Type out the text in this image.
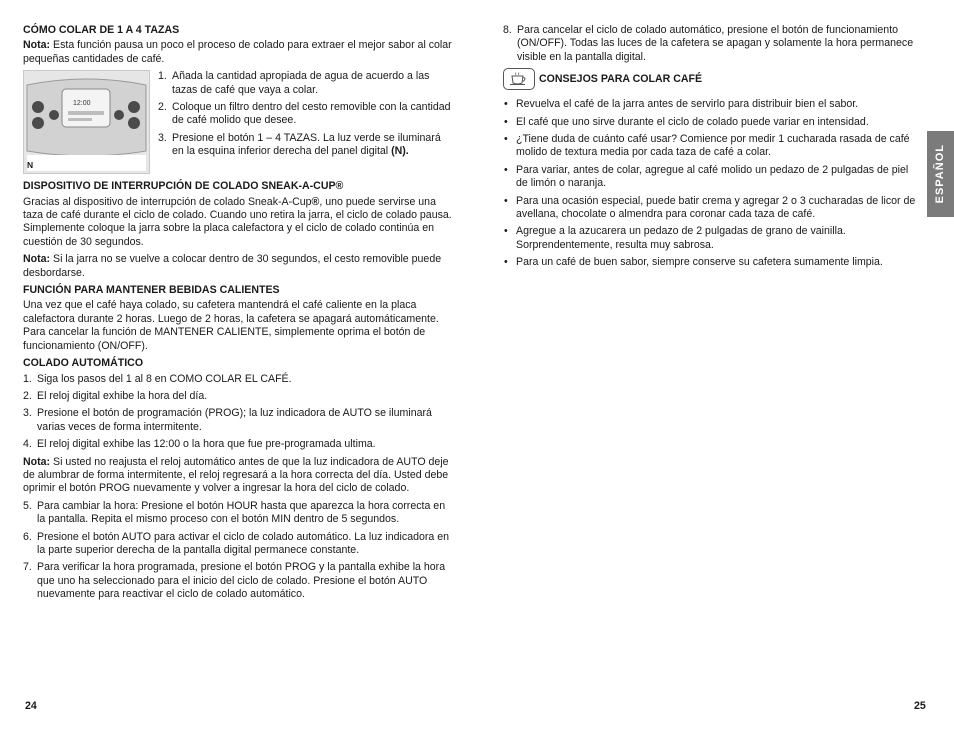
CÓMO COLAR DE 1 A 4 TAZAS

Nota: Esta función pausa un poco el proceso de colado para extraer el mejor sabor al colar pequeñas cantidades de café.

12:00
N
1. Añada la cantidad apropiada de agua de acuerdo a las tazas de café que vaya a colar.
2. Coloque un filtro dentro del cesto removible con la cantidad de café molido que desee.
3. Presione el botón 1 – 4 TAZAS. La luz verde se iluminará en la esquina inferior derecha del panel digital (N).
DISPOSITIVO DE INTERRUPCIÓN DE COLADO SNEAK-A-CUP®

Gracias al dispositivo de interrupción de colado Sneak-A-Cup®, uno puede servirse una taza de café durante el ciclo de colado. Cuando uno retira la jarra, el ciclo de colado pausa. Simplemente coloque la jarra sobre la placa calefactora y el ciclo de colado continúa en cuestión de 30 segundos.

Nota: Si la jarra no se vuelve a colocar dentro de 30 segundos, el cesto removible puede desbordarse.

FUNCIÓN PARA MANTENER BEBIDAS CALIENTES

Una vez que el café haya colado, su cafetera mantendrá el café caliente en la placa calefactora durante 2 horas. Luego de 2 horas, la cafetera se apagará automáticamente. Para cancelar la función de MANTENER CALIENTE, simplemente oprima el botón de funcionamiento (ON/OFF).

COLADO AUTOMÁTICO
1. Siga los pasos del 1 al 8 en COMO COLAR EL CAFÉ.
2. El reloj digital exhibe la hora del día.
3. Presione el botón de programación (PROG); la luz indicadora de AUTO se iluminará varias veces de forma intermitente.
4. El reloj digital exhibe las 12:00 o la hora que fue pre-programada ultima.

Nota: Si usted no reajusta el reloj automático antes de que la luz indicadora de AUTO deje de alumbrar de forma intermitente, el reloj regresará a la hora correcta del día. Usted debe oprimir el botón PROG nuevamente y volver a ingresar la hora del ciclo de colado.

5. Para cambiar la hora: Presione el botón HOUR hasta que aparezca la hora correcta en la pantalla. Repita el mismo proceso con el botón MIN dentro de 5 segundos.
6. Presione el botón AUTO para activar el ciclo de colado automático. La luz indicadora en la parte superior derecha de la pantalla digital permanece constante.
7. Para verificar la hora programada, presione el botón PROG y la pantalla exhibe la hora que uno ha seleccionado para el inicio del ciclo de colado. Presione el botón AUTO nuevamente para reactivar el ciclo de colado automático.
24
8. Para cancelar el ciclo de colado automático, presione el botón de funcionamiento (ON/OFF). Todas las luces de la cafetera se apagan y solamente la hora permanece visible en la pantalla digital.
CONSEJOS PARA COLAR CAFÉ
• Revuelva el café de la jarra antes de servirlo para distribuir bien el sabor.
• El café que uno sirve durante el ciclo de colado puede variar en intensidad.
• ¿Tiene duda de cuánto café usar? Comience por medir 1 cucharada rasada de café molido de textura media por cada taza de café a colar.
• Para variar, antes de colar, agregue al café molido un pedazo de 2 pulgadas de piel de limón o naranja.
• Para una ocasión especial, puede batir crema y agregar 2 o 3 cucharadas de licor de avellana, chocolate o almendra para coronar cada taza de café.
• Agregue a la azucarera un pedazo de 2 pulgadas de grano de vainilla. Sorprendentemente, resulta muy sabrosa.
• Para un café de buen sabor, siempre conserve su cafetera sumamente limpia.
ESPAÑOL
25
